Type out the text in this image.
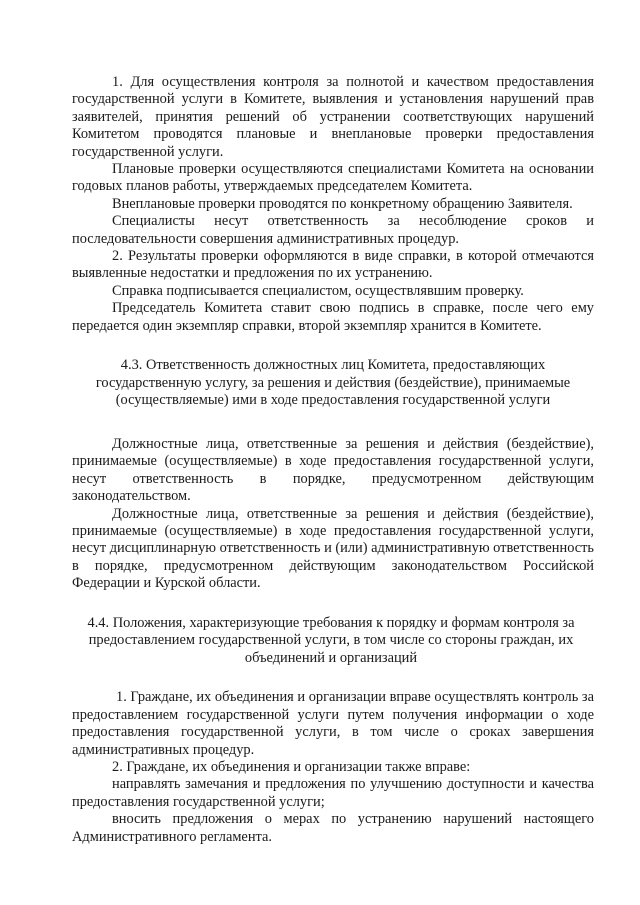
1. Для осуществления контроля за полнотой и качеством предоставления государственной услуги в Комитете, выявления и установления нарушений прав заявителей, принятия решений об устранении соответствующих нарушений Комитетом проводятся плановые и внеплановые проверки предоставления государственной услуги.

Плановые проверки осуществляются специалистами Комитета на основании годовых планов работы, утверждаемых председателем Комитета.

Внеплановые проверки проводятся по конкретному обращению Заявителя.

Специалисты несут ответственность за несоблюдение сроков и последовательности совершения административных процедур.

2. Результаты проверки оформляются в виде справки, в которой отмечаются выявленные недостатки и предложения по их устранению.

Справка подписывается специалистом, осуществлявшим проверку.

Председатель Комитета ставит свою подпись в справке, после чего ему передается один экземпляр справки, второй экземпляр хранится в Комитете.

4.3. Ответственность должностных лиц Комитета, предоставляющих государственную услугу, за решения и действия (бездействие), принимаемые (осуществляемые) ими в ходе предоставления государственной услуги

Должностные лица, ответственные за решения и действия (бездействие), принимаемые (осуществляемые) в ходе предоставления государственной услуги, несут ответственность в порядке, предусмотренном действующим законодательством.

Должностные лица, ответственные за решения и действия (бездействие), принимаемые (осуществляемые) в ходе предоставления государственной услуги, несут дисциплинарную ответственность и (или) административную ответственность в порядке, предусмотренном действующим законодательством Российской Федерации и Курской области.

4.4. Положения, характеризующие требования к порядку и формам контроля за предоставлением государственной услуги, в том числе со стороны граждан, их объединений и организаций

1. Граждане, их объединения и организации вправе осуществлять контроль за предоставлением государственной услуги путем получения информации о ходе предоставления государственной услуги, в том числе о сроках завершения административных процедур.

2. Граждане, их объединения и организации также вправе:

направлять замечания и предложения по улучшению доступности и качества предоставления государственной услуги;

вносить предложения о мерах по устранению нарушений настоящего Административного регламента.
